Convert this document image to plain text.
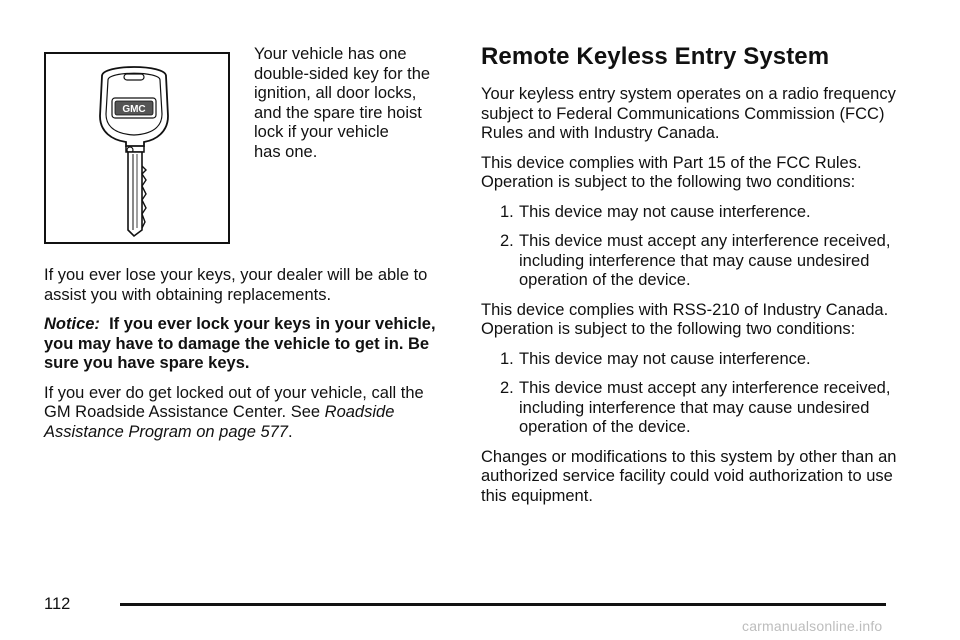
GMC

Your vehicle has one

double-sided key for the

ignition, all door locks,

and the spare tire hoist

lock if your vehicle

has one.

If you ever lose your keys, your dealer will be able to assist you with obtaining replacements.

Notice: If you ever lock your keys in your vehicle, you may have to damage the vehicle to get in. Be sure you have spare keys.

If you ever do get locked out of your vehicle, call the GM Roadside Assistance Center. See Roadside Assistance Program on page 577.

Remote Keyless Entry System

Your keyless entry system operates on a radio frequency subject to Federal Communications Commission (FCC) Rules and with Industry Canada.

This device complies with Part 15 of the FCC Rules. Operation is subject to the following two conditions:

1. This device may not cause interference.
2. This device must accept any interference received, including interference that may cause undesired operation of the device.

This device complies with RSS-210 of Industry Canada. Operation is subject to the following two conditions:

1. This device may not cause interference.
2. This device must accept any interference received, including interference that may cause undesired operation of the device.

Changes or modifications to this system by other than an authorized service facility could void authorization to use this equipment.

112
carmanualsonline.info
